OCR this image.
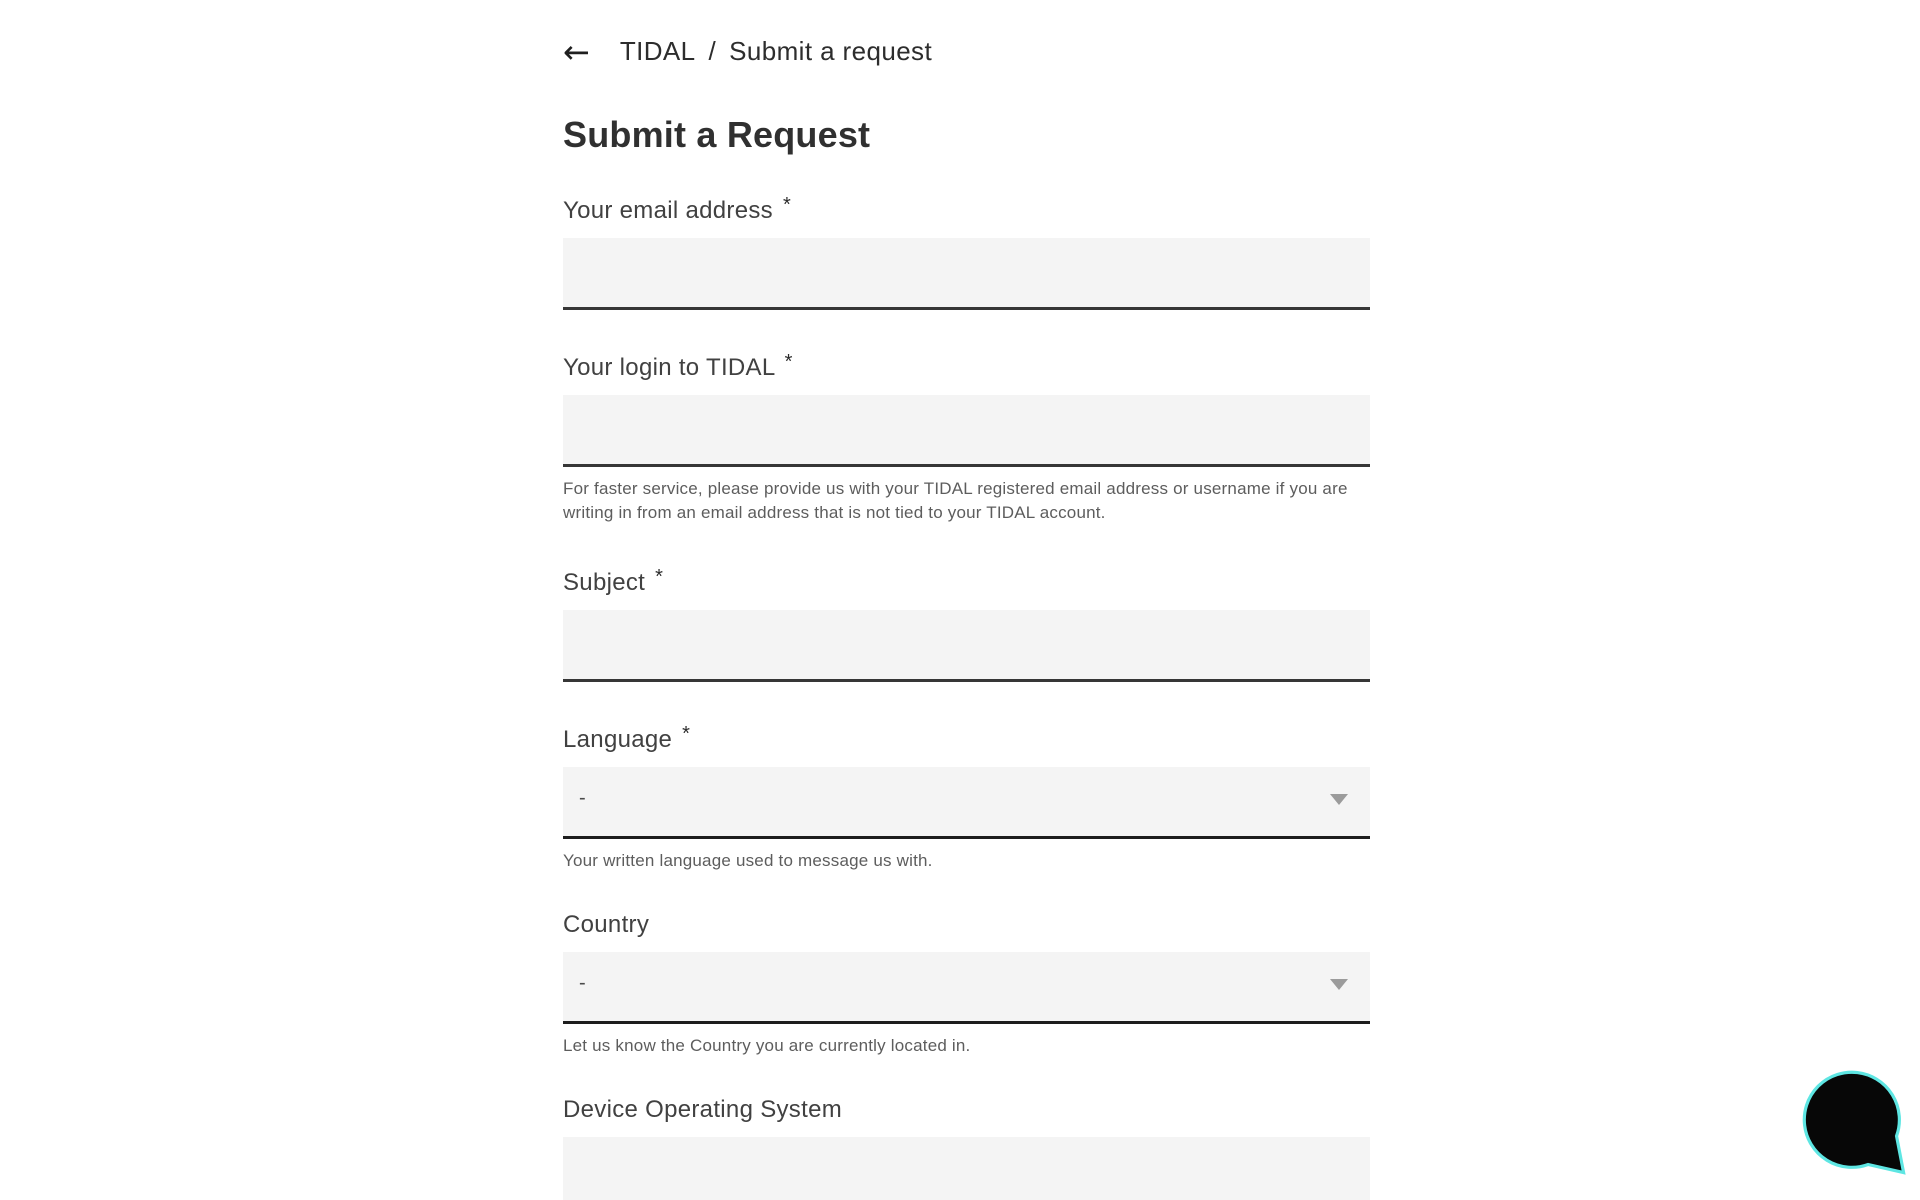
← TIDAL / Submit a request
Submit a Request
Your email address *
Your login to TIDAL *

For faster service, please provide us with your TIDAL registered email address or username if you are writing in from an email address that is not tied to your TIDAL account.

Subject *
Language *
-

Your written language used to message us with.

Country
-

Let us know the Country you are currently located in.

Device Operating System
